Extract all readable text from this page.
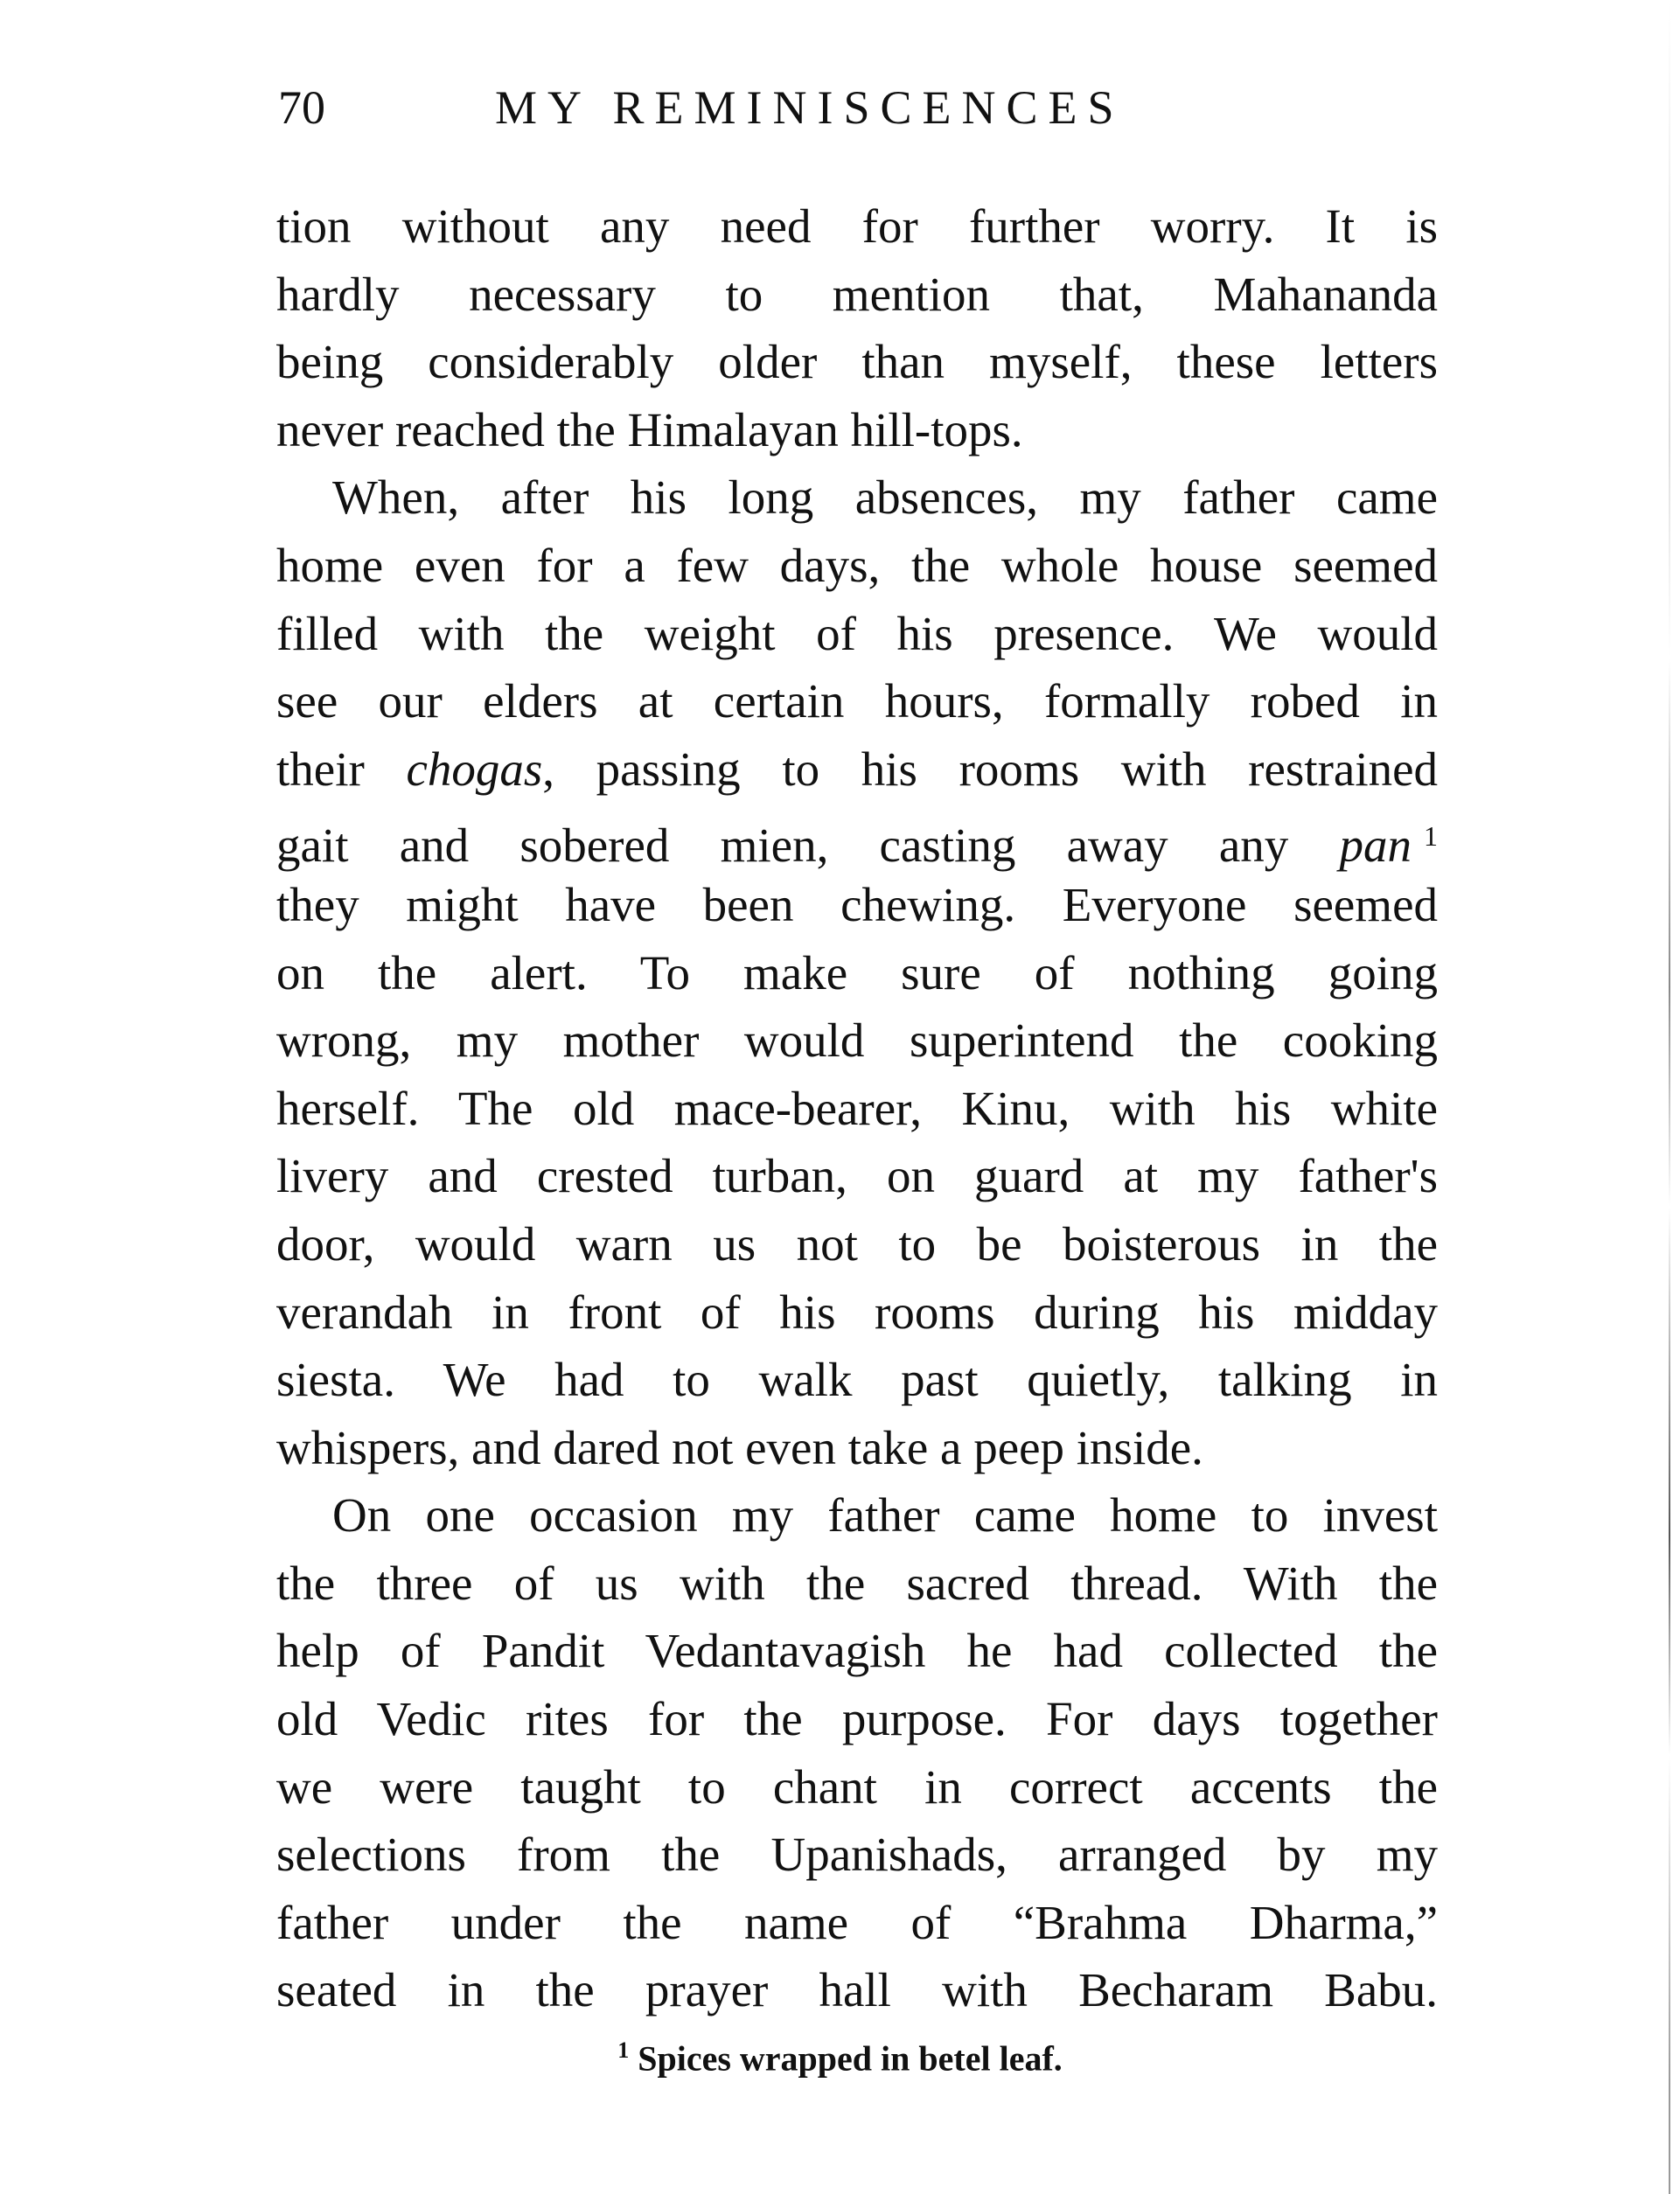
70	MY REMINISCENCES
tion without any need for further worry. It is
hardly necessary to mention that, Mahananda
being considerably older than myself, these letters
never reached the Himalayan hill-tops.
When, after his long absences, my father came
home even for a few days, the whole house seemed
filled with the weight of his presence. We would
see our elders at certain hours, formally robed in
their chogas, passing to his rooms with restrained
gait and sobered mien, casting away any pan $^1$
they might have been chewing. Everyone seemed
on the alert. To make sure of nothing going
wrong, my mother would superintend the cooking
herself. The old mace-bearer, Kinu, with his white
livery and crested turban, on guard at my father's
door, would warn us not to be boisterous in the
verandah in front of his rooms during his midday
siesta. We had to walk past quietly, talking in
whispers, and dared not even take a peep inside.
On one occasion my father came home to invest
the three of us with the sacred thread. With the
help of Pandit Vedantavagish he had collected the
old Vedic rites for the purpose. For days together
we were taught to chant in correct accents the
selections from the Upanishads, arranged by my
father under the name of “Brahma Dharma,”
seated in the prayer hall with Becharam Babu.
$^1$ Spices wrapped in betel leaf.
